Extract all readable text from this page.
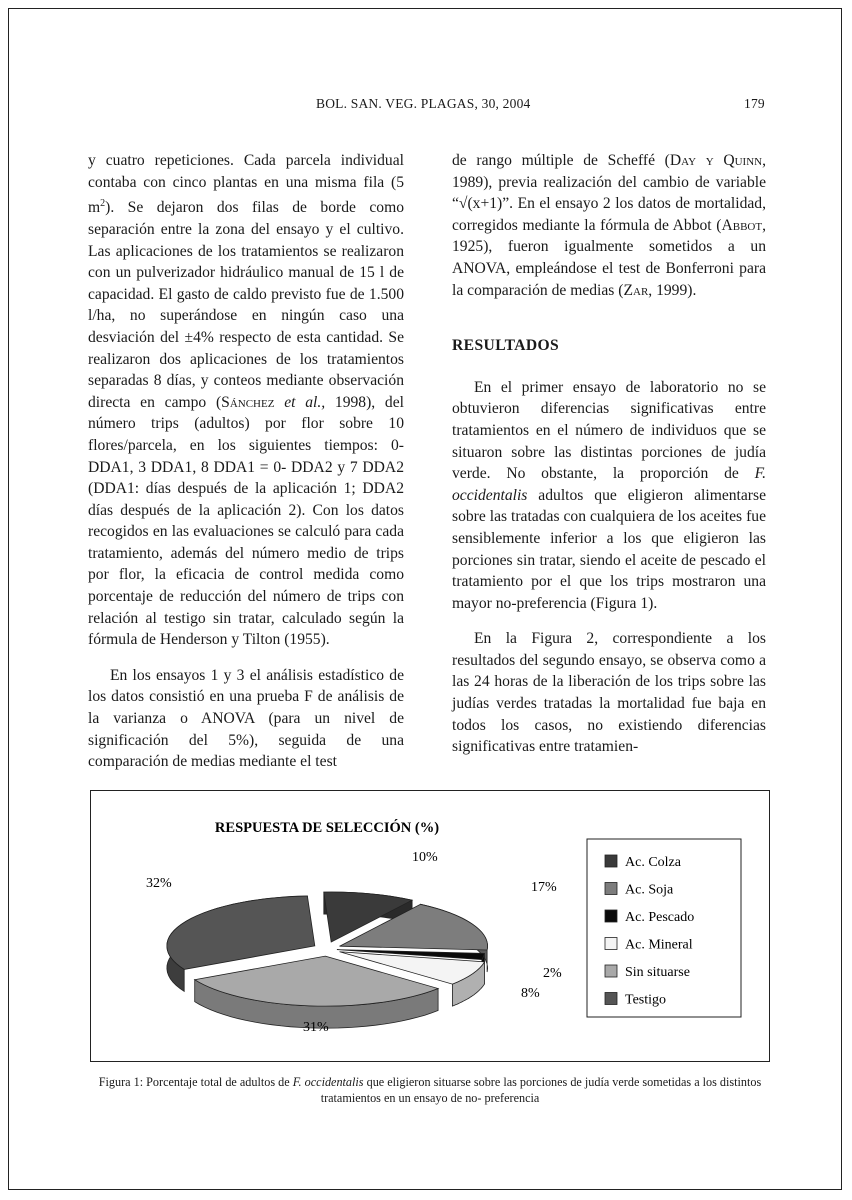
BOL. SAN. VEG. PLAGAS, 30, 2004	179

y cuatro repeticiones. Cada parcela individual contaba con cinco plantas en una misma fila (5 $m^2$). Se dejaron dos filas de borde como separación entre la zona del ensayo y el cultivo. Las aplicaciones de los tratamientos se realizaron con un pulverizador hidráulico manual de 15 l de capacidad. El gasto de caldo previsto fue de 1.500 l/ha, no superándose en ningún caso una desviación del ±4% respecto de esta cantidad. Se realizaron dos aplicaciones de los tratamientos separadas 8 días, y conteos mediante observación directa en campo (Sánchez et al., 1998), del número trips (adultos) por flor sobre 10 flores/parcela, en los siguientes tiempos: 0- DDA1, 3 DDA1, 8 DDA1 = 0- DDA2 y 7 DDA2 (DDA1: días después de la aplicación 1; DDA2 días después de la aplicación 2). Con los datos recogidos en las evaluaciones se calculó para cada tratamiento, además del número medio de trips por flor, la eficacia de control medida como porcentaje de reducción del número de trips con relación al testigo sin tratar, calculado según la fórmula de Henderson y Tilton (1955).

En los ensayos 1 y 3 el análisis estadístico de los datos consistió en una prueba F de análisis de la varianza o ANOVA (para un nivel de significación del 5%), seguida de una comparación de medias mediante el test

de rango múltiple de Scheffé (Day y Quinn, 1989), previa realización del cambio de variable “√(x+1)”. En el ensayo 2 los datos de mortalidad, corregidos mediante la fórmula de Abbot (Abbot, 1925), fueron igualmente sometidos a un ANOVA, empleándose el test de Bonferroni para la comparación de medias (Zar, 1999).

RESULTADOS

En el primer ensayo de laboratorio no se obtuvieron diferencias significativas entre tratamientos en el número de individuos que se situaron sobre las distintas porciones de judía verde. No obstante, la proporción de F. occidentalis adultos que eligieron alimentarse sobre las tratadas con cualquiera de los aceites fue sensiblemente inferior a los que eligieron las porciones sin tratar, siendo el aceite de pescado el tratamiento por el que los trips mostraron una mayor no-preferencia (Figura 1).

En la Figura 2, correspondiente a los resultados del segundo ensayo, se observa como a las 24 horas de la liberación de los trips sobre las judías verdes tratadas la mortalidad fue baja en todos los casos, no existiendo diferencias significativas entre tratamien-

RESPUESTA DE SELECCIÓN (%)
10%
17%
2%
8%
31%
32%
Ac. Colza
Ac. Soja
Ac. Pescado
Ac. Mineral
Sin situarse
Testigo
Figura 1: Porcentaje total de adultos de F. occidentalis que eligieron situarse sobre las porciones de judía verde sometidas a los distintos tratamientos en un ensayo de no- preferencia
